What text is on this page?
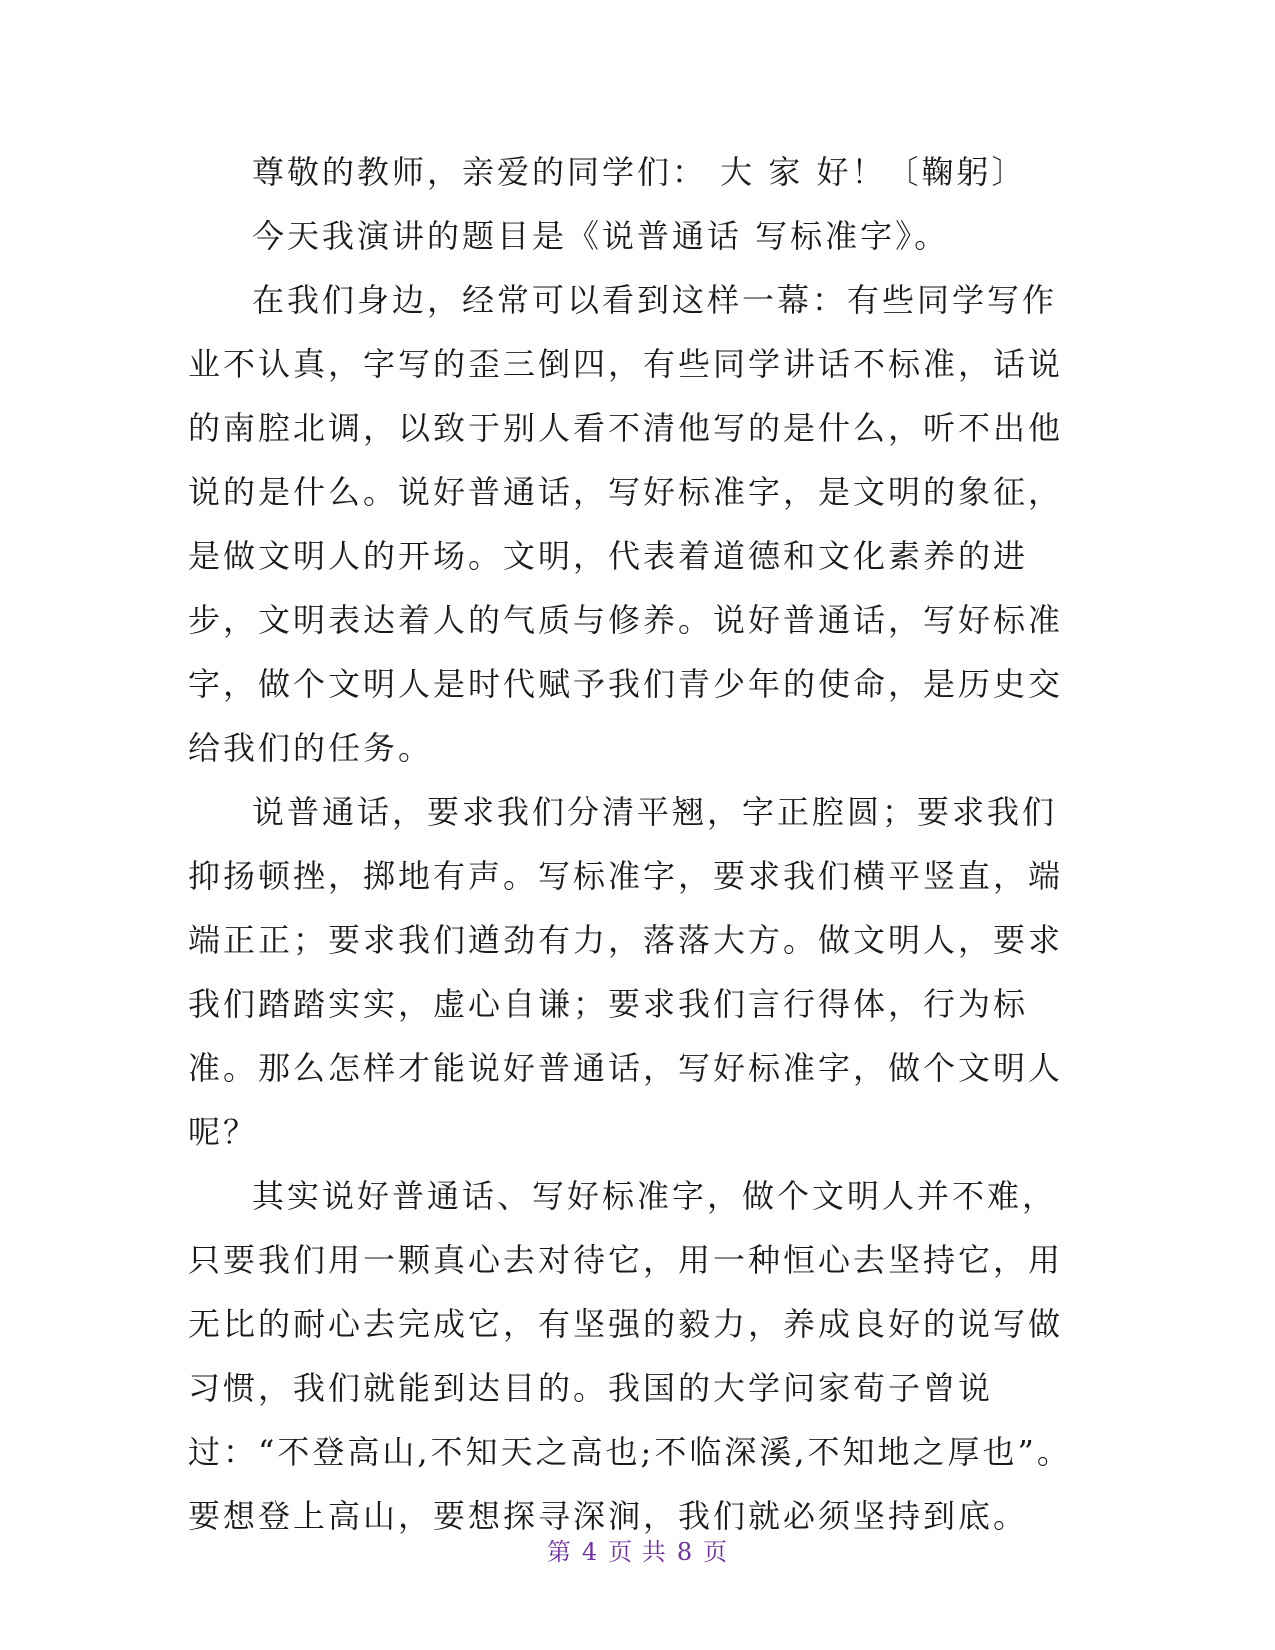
尊敬的教师，亲爱的同学们： 大 家 好！〔鞠躬〕

今天我演讲的题目是《说普通话 写标准字》。

在我们身边，经常可以看到这样一幕：有些同学写作业不认真，字写的歪三倒四，有些同学讲话不标准，话说的南腔北调，以致于别人看不清他写的是什么，听不出他说的是什么。说好普通话，写好标准字，是文明的象征，是做文明人的开场。文明，代表着道德和文化素养的进步，文明表达着人的气质与修养。说好普通话，写好标准字，做个文明人是时代赋予我们青少年的使命，是历史交给我们的任务。

说普通话，要求我们分清平翘，字正腔圆；要求我们抑扬顿挫，掷地有声。写标准字，要求我们横平竖直，端端正正；要求我们遒劲有力，落落大方。做文明人，要求我们踏踏实实，虚心自谦；要求我们言行得体，行为标准。那么怎样才能说好普通话，写好标准字，做个文明人呢？

其实说好普通话、写好标准字，做个文明人并不难，只要我们用一颗真心去对待它，用一种恒心去坚持它，用无比的耐心去完成它，有坚强的毅力，养成良好的说写做习惯，我们就能到达目的。我国的大学问家荀子曾说过：“不登高山,不知天之高也;不临深溪,不知地之厚也”。要想登上高山，要想探寻深涧，我们就必须坚持到底。

第 4 页 共 8 页
